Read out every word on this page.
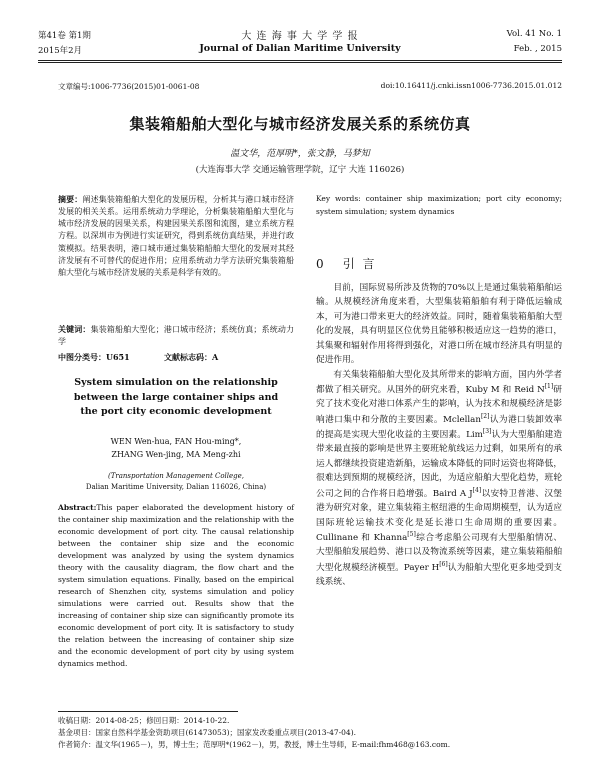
第41卷 第1期	大 连 海 事 大 学 学 报	Vol. 41 No. 1
2015年2月	Journal of Dalian Maritime University	Feb. , 2015
文章编号:1006-7736(2015)01-0061-08	doi:10.16411/j.cnki.issn1006-7736.2015.01.012
集装箱船舶大型化与城市经济发展关系的系统仿真
温文华，范厚明*，张文静，马梦知
(大连海事大学 交通运输管理学院，辽宁 大连 116026)
摘要：阐述集装箱船舶大型化的发展历程，分析其与港口城市经济发展的相关关系。运用系统动力学理论，分析集装箱船舶大型化与城市经济发展的因果关系，构建因果关系图和流图，建立系统方程方程。以深圳市为例进行实证研究，得到系统仿真结果，并进行政策模拟。结果表明，港口城市通过集装箱船舶大型化的发展对其经济发展有不可替代的促进作用；应用系统动力学方法研究集装箱船舶大型化与城市经济发展的关系是科学有效的。
关键词：集装箱船舶大型化；港口城市经济；系统仿真；系统动力学
中图分类号：U651	文献标志码：A
System simulation on the relationship
between the large container ships and
the port city economic development
WEN Wen-hua, FAN Hou-ming*,
ZHANG Wen-jing, MA Meng-zhi
(Transportation Management College,
Dalian Maritime University, Dalian 116026, China)
Abstract:This paper elaborated the development history of the container ship maximization and the relationship with the economic development of port city. The causal relationship between the container ship size and the economic development was analyzed by using the system dynamics theory with the causality diagram, the flow chart and the system simulation equations. Finally, based on the empirical research of Shenzhen city, systems simulation and policy simulations were carried out. Results show that the increasing of container ship size can significantly promote its economic development of port city. It is satisfactory to study the relation between the increasing of container ship size and the economic development of port city by using system dynamics method.
Key words: container ship maximization; port city economy; system simulation; system dynamics
0 引 言

目前，国际贸易所涉及货物的70%以上是通过集装箱船舶运输。从规模经济角度来看，大型集装箱船舶有利于降低运输成本，可为港口带来更大的经济效益。同时，随着集装箱船舶大型化的发展，具有明显区位优势且能够积极适应这一趋势的港口，其集聚和辐射作用将得到强化，对港口所在城市经济具有明显的促进作用。

有关集装箱船舶大型化及其所带来的影响方面，国内外学者都做了相关研究。从国外的研究来看，Kuby M 和 Reid N[1]研究了技术变化对港口体系产生的影响，认为技术和规模经济是影响港口集中和分散的主要因素。Mclellan[2]认为港口装卸效率的提高是实现大型化收益的主要因素。Lim[3]认为大型船舶建造带来最直接的影响是世界主要班轮航线运力过剩，如果所有的承运人都继续投资建造新船，运输成本降低的同时运资也将降低，很难达到预期的规模经济，因此，为适应船舶大型化趋势，班轮公司之间的合作将日趋增强。Baird A J[4]以安特卫普港、汉堡港为研究对象，建立集装箱主枢纽港的生命周期模型，认为适应国际班轮运输技术变化是延长港口生命周期的重要因素。Cullinane 和 Khanna[5]综合考虑船公司现有大型船舶情况、大型船舶发展趋势、港口以及物流系统等因素，建立集装箱船舶大型化规模经济模型。Payer H[6]认为船舶大型化更多地受到支线系统、

收稿日期：2014-08-25；修回日期：2014-10-22.
基金项目：国家自然科学基金资助项目(61473053)；国家发改委重点项目(2013-47-04).
作者简介：温文华(1965－)，男，博士生；范厚明*(1962－)，男，教授，博士生导师，E-mail:fhm468@163.com.
